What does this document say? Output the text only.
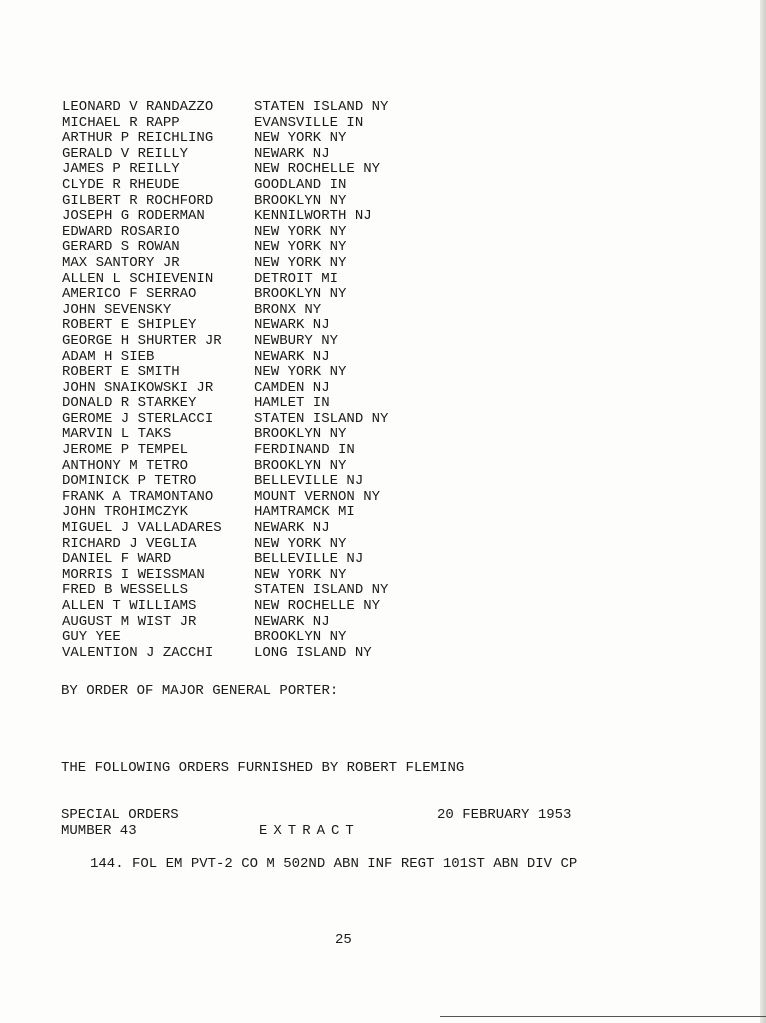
LEONARD V RANDAZZO	STATEN ISLAND NY
MICHAEL R RAPP	EVANSVILLE IN
ARTHUR P REICHLING	NEW YORK NY
GERALD V REILLY	NEWARK NJ
JAMES P REILLY	NEW ROCHELLE NY
CLYDE R RHEUDE	GOODLAND IN
GILBERT R ROCHFORD	BROOKLYN NY
JOSEPH G RODERMAN	KENNILWORTH NJ
EDWARD ROSARIO	NEW YORK NY
GERARD S ROWAN	NEW YORK NY
MAX SANTORY JR	NEW YORK NY
ALLEN L SCHIEVENIN	DETROIT MI
AMERICO F SERRAO	BROOKLYN NY
JOHN SEVENSKY	BRONX NY
ROBERT E SHIPLEY	NEWARK NJ
GEORGE H SHURTER JR	NEWBURY NY
ADAM H SIEB	NEWARK NJ
ROBERT E SMITH	NEW YORK NY
JOHN SNAIKOWSKI JR	CAMDEN NJ
DONALD R STARKEY	HAMLET IN
GEROME J STERLACCI	STATEN ISLAND NY
MARVIN L TAKS	BROOKLYN NY
JEROME P TEMPEL	FERDINAND IN
ANTHONY M TETRO	BROOKLYN NY
DOMINICK P TETRO	BELLEVILLE NJ
FRANK A TRAMONTANO	MOUNT VERNON NY
JOHN TROHIMCZYK	HAMTRAMCK MI
MIGUEL J VALLADARES	NEWARK NJ
RICHARD J VEGLIA	NEW YORK NY
DANIEL F WARD	BELLEVILLE NJ
MORRIS I WEISSMAN	NEW YORK NY
FRED B WESSELLS	STATEN ISLAND NY
ALLEN T WILLIAMS	NEW ROCHELLE NY
AUGUST M WIST JR	NEWARK NJ
GUY YEE	BROOKLYN NY
VALENTION J ZACCHI	LONG ISLAND NY
BY ORDER OF MAJOR GENERAL PORTER:
THE FOLLOWING ORDERS FURNISHED BY ROBERT FLEMING
SPECIAL ORDERS	20 FEBRUARY 1953
MUMBER 43	EXTRACT
144. FOL EM PVT-2 CO M 502ND ABN INF REGT 101ST ABN DIV CP
25
